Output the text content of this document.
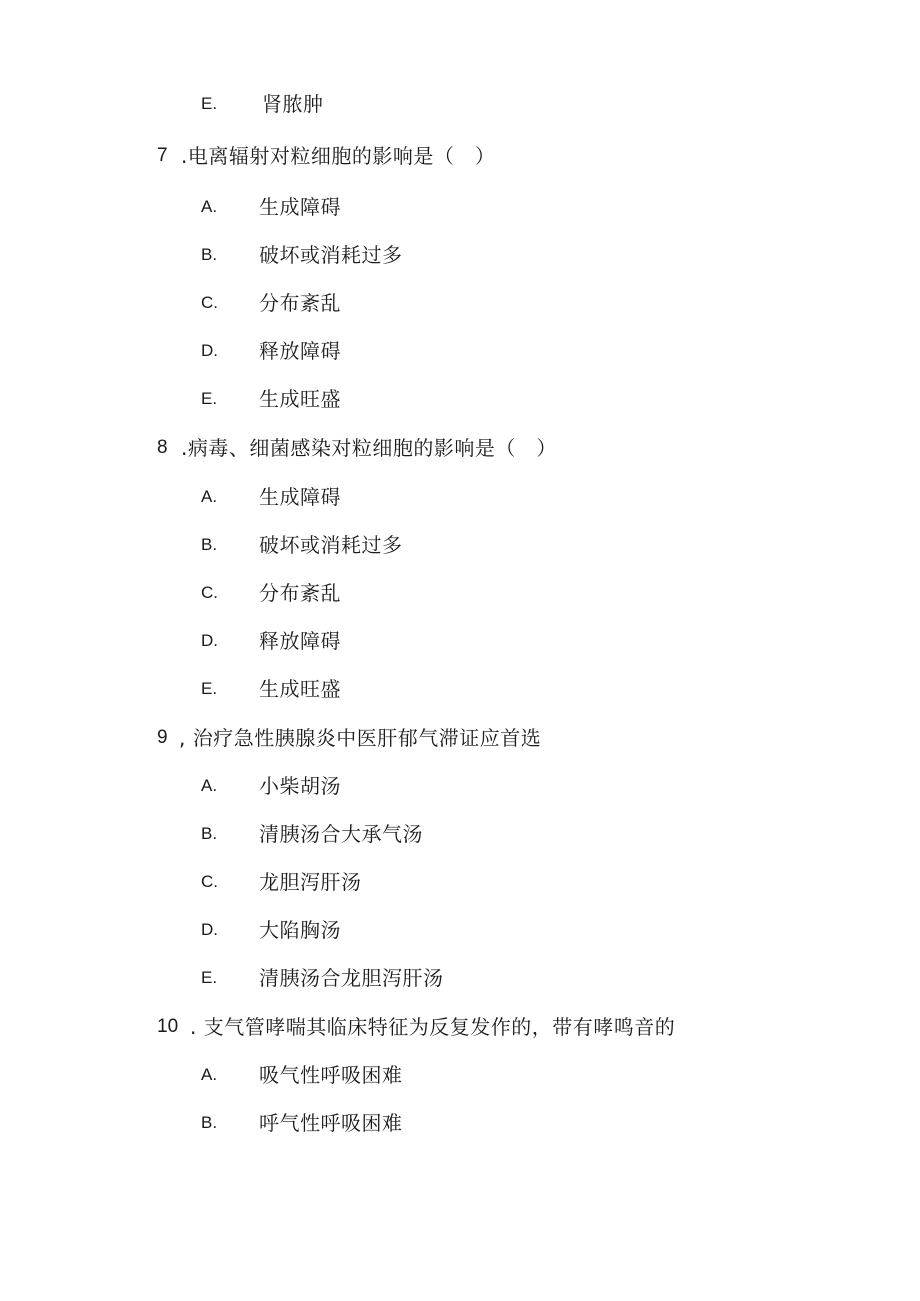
E. 肾脓肿
7 .电离辐射对粒细胞的影响是（　）
A. 生成障碍
B. 破坏或消耗过多
C. 分布紊乱
D. 释放障碍
E. 生成旺盛
8 .病毒、细菌感染对粒细胞的影响是（　）
A. 生成障碍
B. 破坏或消耗过多
C. 分布紊乱
D. 释放障碍
E. 生成旺盛
9 , 治疗急性胰腺炎中医肝郁气滞证应首选
A. 小柴胡汤
B. 清胰汤合大承气汤
C. 龙胆泻肝汤
D. 大陷胸汤
E. 清胰汤合龙胆泻肝汤
10 . 支气管哮喘其临床特征为反复发作的，带有哮鸣音的
A. 吸气性呼吸困难
B. 呼气性呼吸困难
